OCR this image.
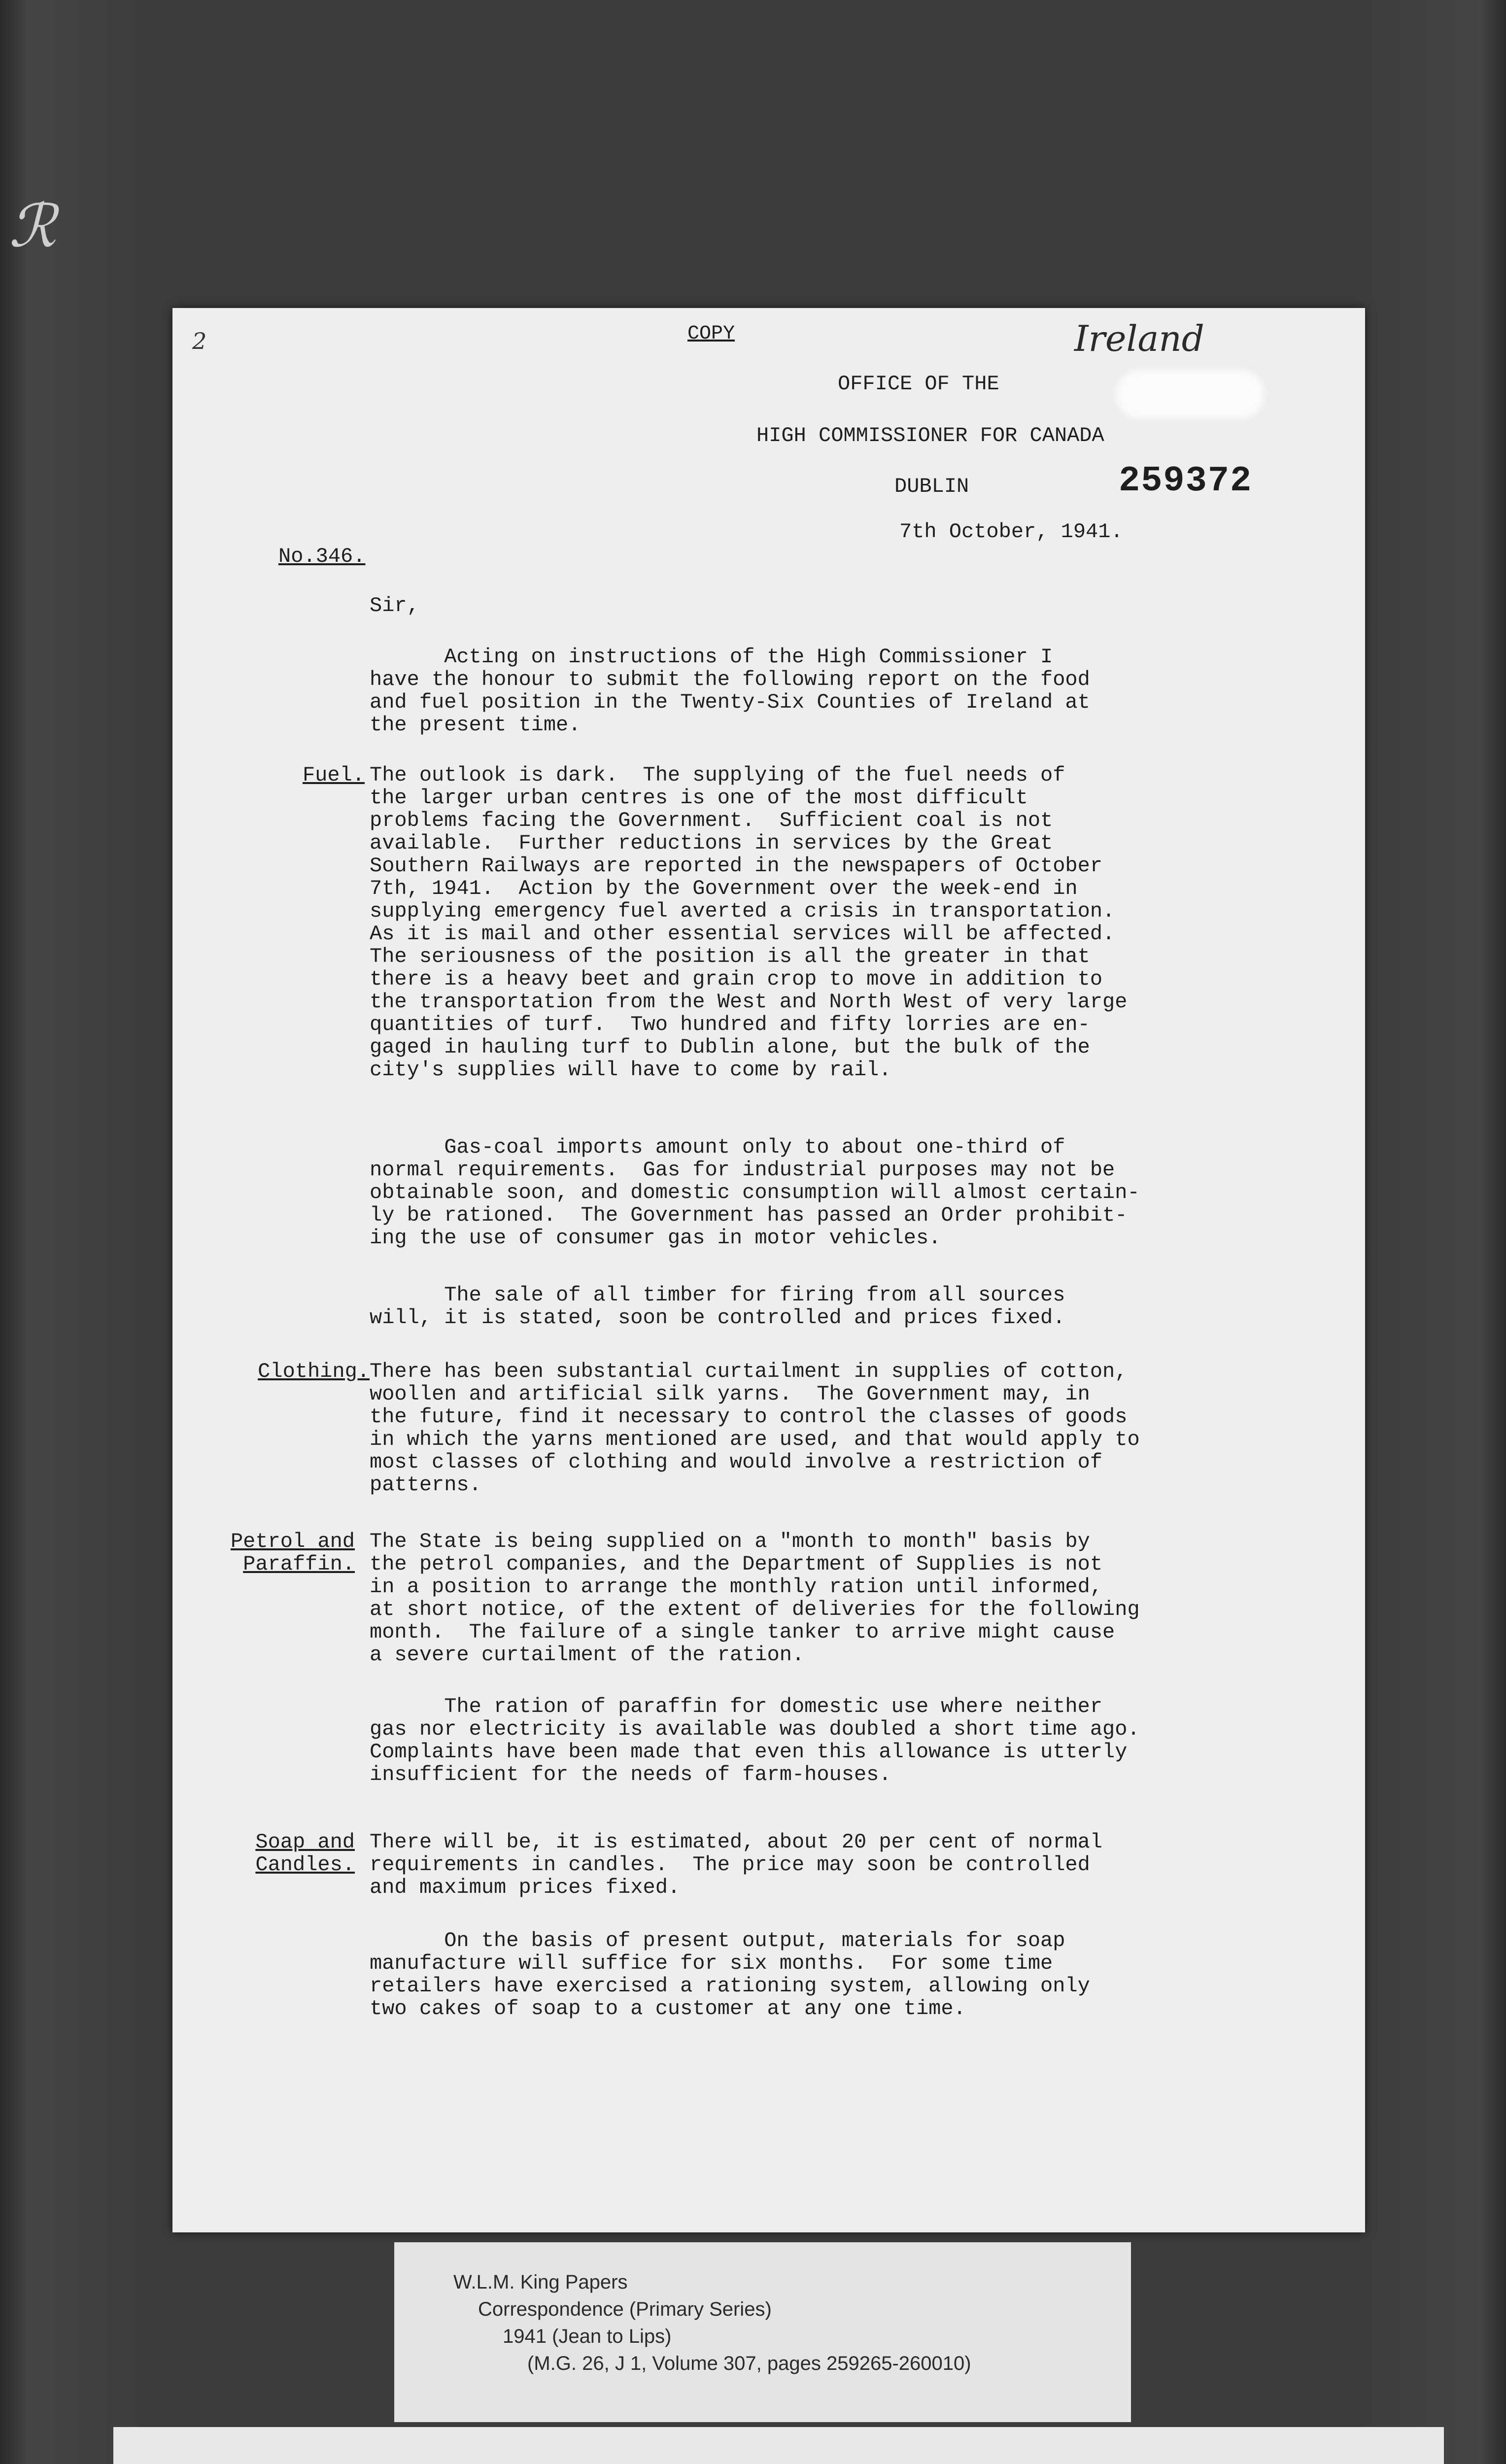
ℛ
2	COPY	Ireland
OFFICE OF THE
HIGH COMMISSIONER FOR CANADA
DUBLIN	259372
7th October, 1941.
No.346.
Sir,
Acting on instructions of the High Commissioner I
have the honour to submit the following report on the food
and fuel position in the Twenty-Six Counties of Ireland at
the present time.
Fuel. The outlook is dark.  The supplying of the fuel needs of
the larger urban centres is one of the most difficult
problems facing the Government.  Sufficient coal is not
available.  Further reductions in services by the Great
Southern Railways are reported in the newspapers of October
7th, 1941.  Action by the Government over the week-end in
supplying emergency fuel averted a crisis in transportation.
As it is mail and other essential services will be affected.
The seriousness of the position is all the greater in that
there is a heavy beet and grain crop to move in addition to
the transportation from the West and North West of very large
quantities of turf.  Two hundred and fifty lorries are en-
gaged in hauling turf to Dublin alone, but the bulk of the
city's supplies will have to come by rail.
Gas-coal imports amount only to about one-third of
normal requirements.  Gas for industrial purposes may not be
obtainable soon, and domestic consumption will almost certain-
ly be rationed.  The Government has passed an Order prohibit-
ing the use of consumer gas in motor vehicles.
The sale of all timber for firing from all sources
will, it is stated, soon be controlled and prices fixed.
Clothing. There has been substantial curtailment in supplies of cotton,
woollen and artificial silk yarns.  The Government may, in
the future, find it necessary to control the classes of goods
in which the yarns mentioned are used, and that would apply to
most classes of clothing and would involve a restriction of
patterns.
Petrol and
Paraffin.
The State is being supplied on a "month to month" basis by
the petrol companies, and the Department of Supplies is not
in a position to arrange the monthly ration until informed,
at short notice, of the extent of deliveries for the following
month.  The failure of a single tanker to arrive might cause
a severe curtailment of the ration.
The ration of paraffin for domestic use where neither
gas nor electricity is available was doubled a short time ago.
Complaints have been made that even this allowance is utterly
insufficient for the needs of farm-houses.
Soap and
Candles.
There will be, it is estimated, about 20 per cent of normal
requirements in candles.  The price may soon be controlled
and maximum prices fixed.
On the basis of present output, materials for soap
manufacture will suffice for six months.  For some time
retailers have exercised a rationing system, allowing only
two cakes of soap to a customer at any one time.
W.L.M. King Papers
Correspondence (Primary Series)
1941 (Jean to Lips)
(M.G. 26, J 1, Volume 307, pages 259265-260010)
